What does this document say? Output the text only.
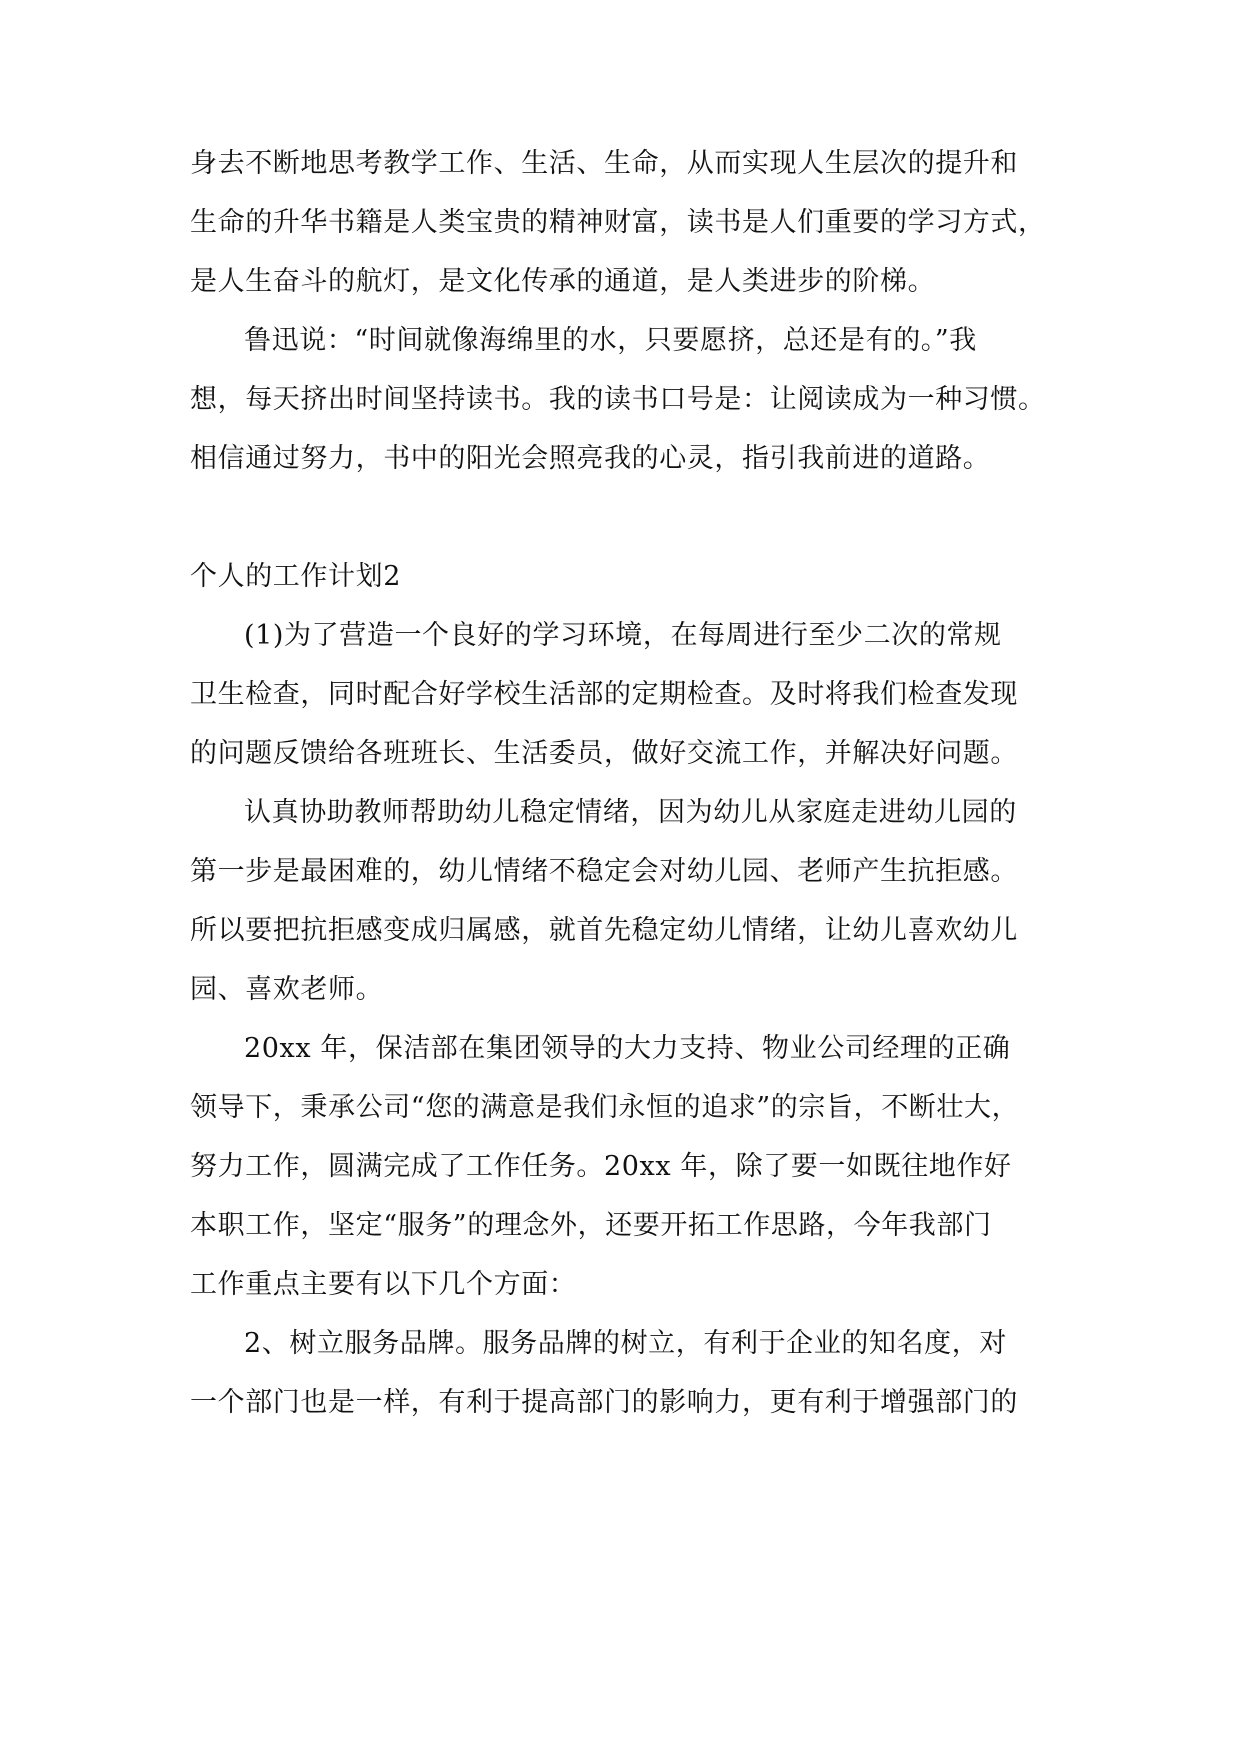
身去不断地思考教学工作、生活、生命，从而实现人生层次的提升和
生命的升华书籍是人类宝贵的精神财富，读书是人们重要的学习方式，
是人生奋斗的航灯，是文化传承的通道，是人类进步的阶梯。
鲁迅说：“时间就像海绵里的水，只要愿挤，总还是有的。”我
想，每天挤出时间坚持读书。我的读书口号是：让阅读成为一种习惯。
相信通过努力，书中的阳光会照亮我的心灵，指引我前进的道路。
个人的工作计划2
(1)为了营造一个良好的学习环境，在每周进行至少二次的常规
卫生检查，同时配合好学校生活部的定期检查。及时将我们检查发现
的问题反馈给各班班长、生活委员，做好交流工作，并解决好问题。
认真协助教师帮助幼儿稳定情绪，因为幼儿从家庭走进幼儿园的
第一步是最困难的，幼儿情绪不稳定会对幼儿园、老师产生抗拒感。
所以要把抗拒感变成归属感，就首先稳定幼儿情绪，让幼儿喜欢幼儿
园、喜欢老师。
20xx 年，保洁部在集团领导的大力支持、物业公司经理的正确
领导下，秉承公司“您的满意是我们永恒的追求”的宗旨，不断壮大，
努力工作，圆满完成了工作任务。20xx 年，除了要一如既往地作好
本职工作，坚定“服务”的理念外，还要开拓工作思路，今年我部门
工作重点主要有以下几个方面：
2、树立服务品牌。服务品牌的树立，有利于企业的知名度，对
一个部门也是一样，有利于提高部门的影响力，更有利于增强部门的
